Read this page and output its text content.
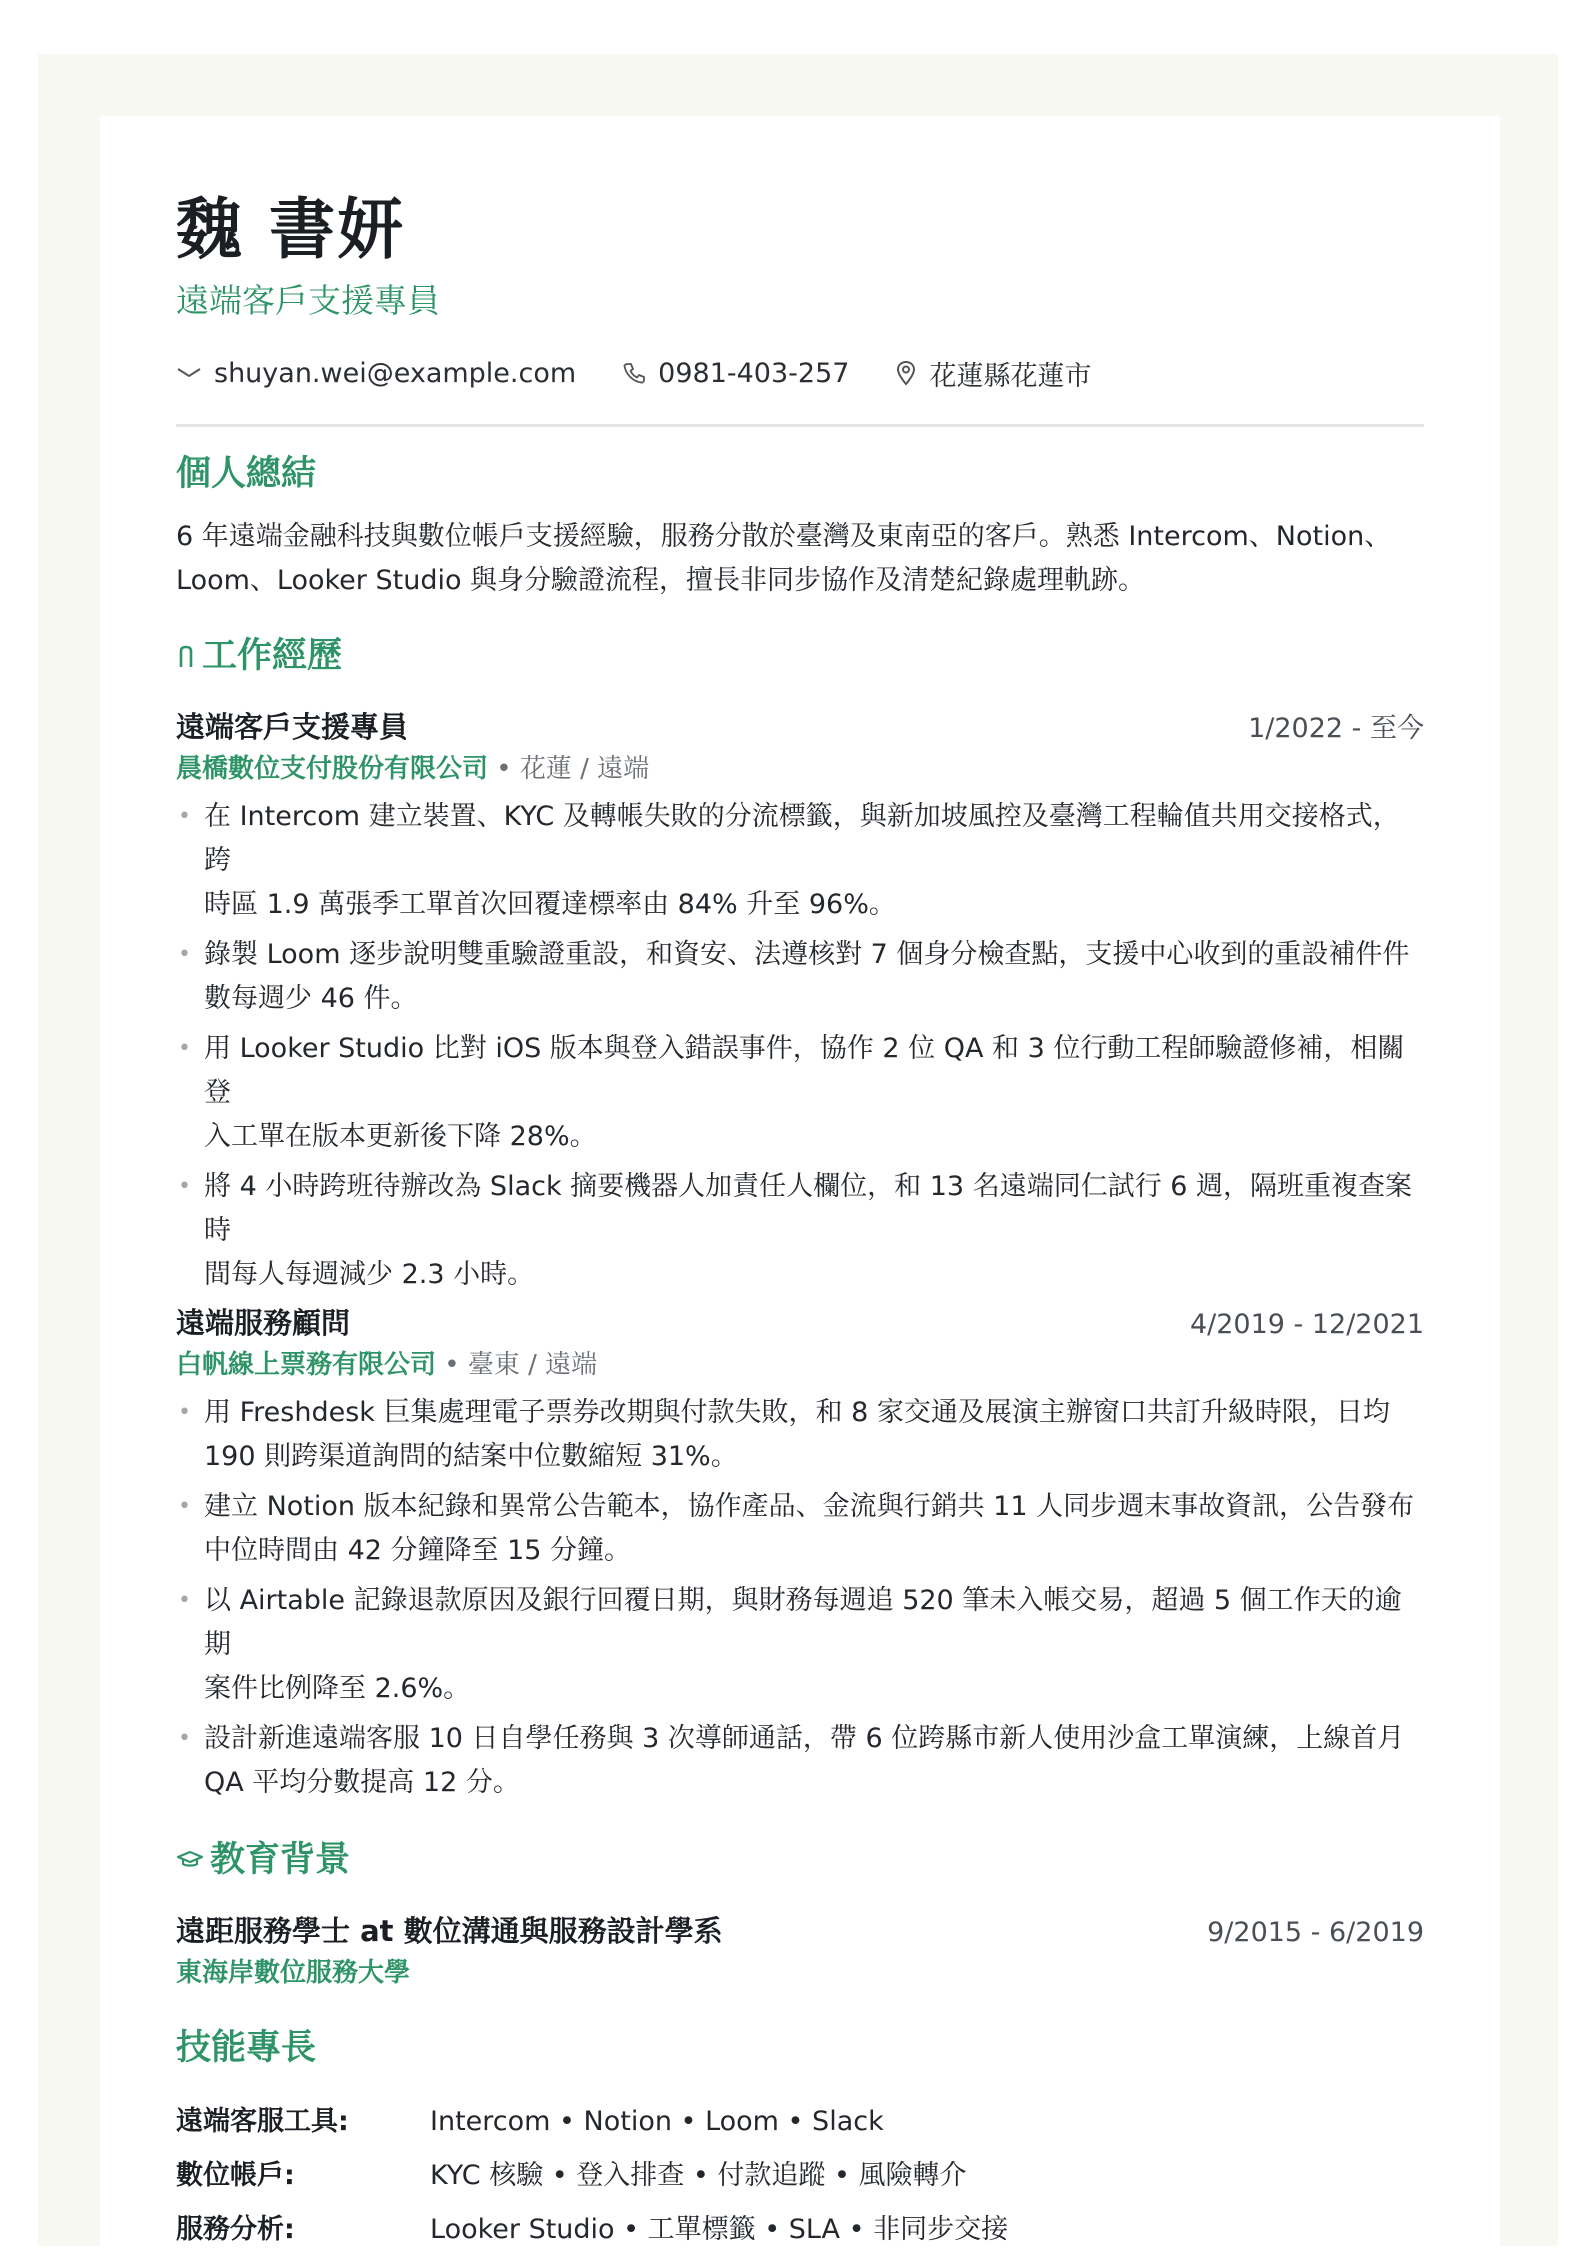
魏 書妍
遠端客戶支援專員
shuyan.wei@example.com	0981-403-257	花蓮縣花蓮市
個人總結
6 年遠端金融科技與數位帳戶支援經驗，服務分散於臺灣及東南亞的客戶。熟悉 Intercom、Notion、
Loom、Looker Studio 與身分驗證流程，擅長非同步協作及清楚紀錄處理軌跡。
工作經歷
遠端客戶支援專員	1/2022 - 至今
晨橋數位支付股份有限公司 • 花蓮 / 遠端
• 在 Intercom 建立裝置、KYC 及轉帳失敗的分流標籤，與新加坡風控及臺灣工程輪值共用交接格式，跨
時區 1.9 萬張季工單首次回覆達標率由 84% 升至 96%。
• 錄製 Loom 逐步說明雙重驗證重設，和資安、法遵核對 7 個身分檢查點，支援中心收到的重設補件件
數每週少 46 件。
• 用 Looker Studio 比對 iOS 版本與登入錯誤事件，協作 2 位 QA 和 3 位行動工程師驗證修補，相關登
入工單在版本更新後下降 28%。
• 將 4 小時跨班待辦改為 Slack 摘要機器人加責任人欄位，和 13 名遠端同仁試行 6 週，隔班重複查案時
間每人每週減少 2.3 小時。
遠端服務顧問	4/2019 - 12/2021
白帆線上票務有限公司 • 臺東 / 遠端
• 用 Freshdesk 巨集處理電子票券改期與付款失敗，和 8 家交通及展演主辦窗口共訂升級時限，日均
190 則跨渠道詢問的結案中位數縮短 31%。
• 建立 Notion 版本紀錄和異常公告範本，協作產品、金流與行銷共 11 人同步週末事故資訊，公告發布
中位時間由 42 分鐘降至 15 分鐘。
• 以 Airtable 記錄退款原因及銀行回覆日期，與財務每週追 520 筆未入帳交易，超過 5 個工作天的逾期
案件比例降至 2.6%。
• 設計新進遠端客服 10 日自學任務與 3 次導師通話，帶 6 位跨縣市新人使用沙盒工單演練，上線首月
QA 平均分數提高 12 分。
教育背景
遠距服務學士 at 數位溝通與服務設計學系	9/2015 - 6/2019
東海岸數位服務大學
技能專長
遠端客服工具:	Intercom • Notion • Loom • Slack
數位帳戶:	KYC 核驗 • 登入排查 • 付款追蹤 • 風險轉介
服務分析:	Looker Studio • 工單標籤 • SLA • 非同步交接
